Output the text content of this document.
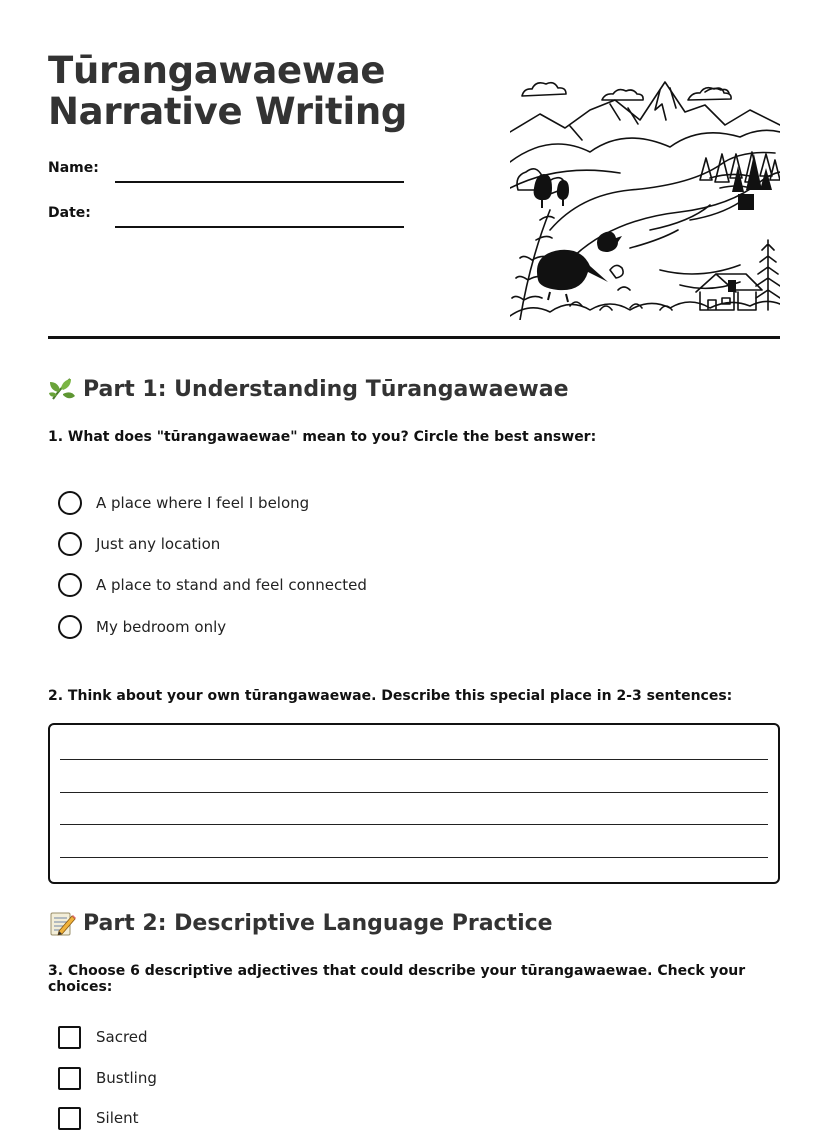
Tūrangawaewae
Narrative Writing
Name:
Date:
Part 1: Understanding Tūrangawaewae
1. What does "tūrangawaewae" mean to you? Circle the best answer:
A place where I feel I belong
Just any location
A place to stand and feel connected
My bedroom only
2. Think about your own tūrangawaewae. Describe this special place in 2-3 sentences:
Part 2: Descriptive Language Practice
3. Choose 6 descriptive adjectives that could describe your tūrangawaewae. Check your choices:
Sacred
Bustling
Silent
